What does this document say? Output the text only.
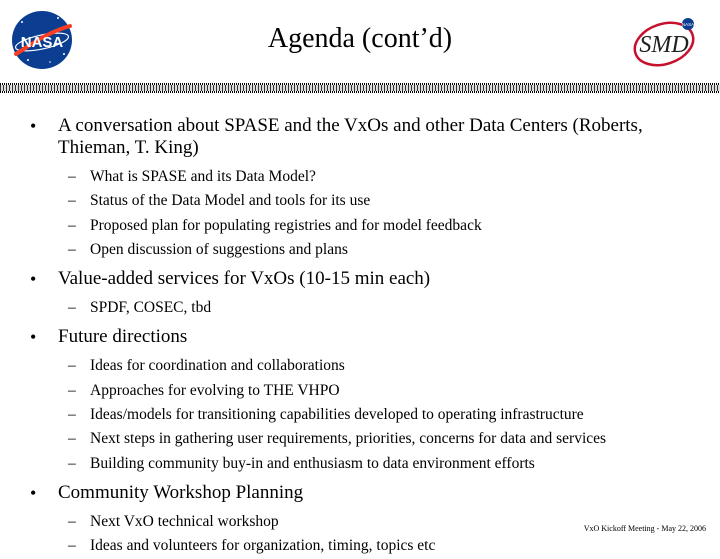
NASA	Agenda (cont’d)	NASA
SMD
• A conversation about SPASE and the VxOs and other Data Centers (Roberts, Thieman, T. King)
– What is SPASE and its Data Model?
– Status of the Data Model and tools for its use
– Proposed plan for populating registries and for model feedback
– Open discussion of suggestions and plans
• Value-added services for VxOs (10-15 min each)
– SPDF, COSEC, tbd
• Future directions
– Ideas for coordination and collaborations
– Approaches for evolving to THE VHPO
– Ideas/models for transitioning capabilities developed to operating infrastructure
– Next steps in gathering user requirements, priorities, concerns for data and services
– Building community buy-in and enthusiasm to data environment efforts
• Community Workshop Planning
– Next VxO technical workshop
– Ideas and volunteers for organization, timing, topics etc
VxO Kickoff Meeting - May 22, 2006
